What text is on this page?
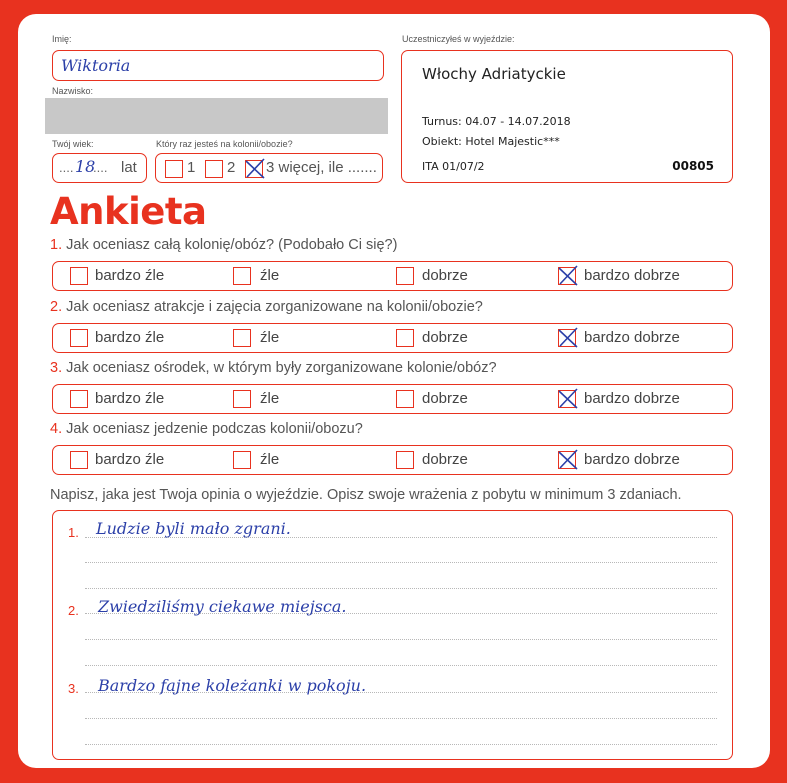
Imię:
Wiktoria
Nazwisko:
Twój wiek:
.... 18
.... lat
Który raz jesteś na kolonii/obozie?
1 2 3 więcej, ile .......
Uczestniczyłeś w wyjeździe:
Włochy Adriatyckie
Turnus: 04.07 - 14.07.2018
Obiekt: Hotel Majestic***
ITA 01/07/2	00805
Ankieta
1. Jak oceniasz całą kolonię/obóz? (Podobało Ci się?)
bardzo źle	źle	dobrze	bardzo dobrze
2. Jak oceniasz atrakcje i zajęcia zorganizowane na kolonii/obozie?
bardzo źle	źle	dobrze	bardzo dobrze
3. Jak oceniasz ośrodek, w którym były zorganizowane kolonie/obóz?
bardzo źle	źle	dobrze	bardzo dobrze
4. Jak oceniasz jedzenie podczas kolonii/obozu?
bardzo źle	źle	dobrze	bardzo dobrze
Napisz, jaka jest Twoja opinia o wyjeździe. Opisz swoje wrażenia z pobytu w minimum 3 zdaniach.
1. Ludzie byli mało zgrani.
2. Zwiedziliśmy ciekawe miejsca.
3. Bardzo fajne koleżanki w pokoju.
